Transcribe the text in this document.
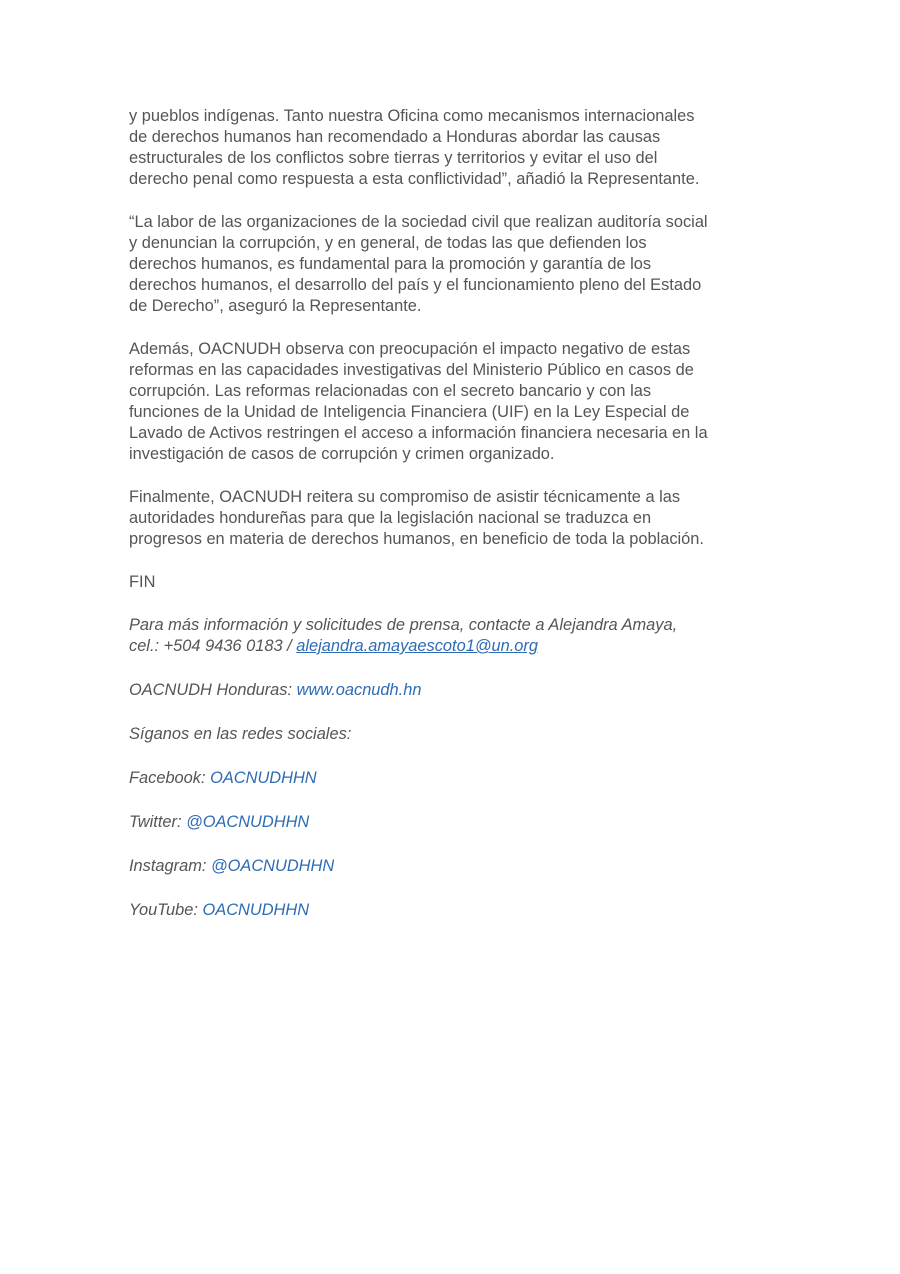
y pueblos indígenas. Tanto nuestra Oficina como mecanismos internacionales
de derechos humanos han recomendado a Honduras abordar las causas
estructurales de los conflictos sobre tierras y territorios y evitar el uso del
derecho penal como respuesta a esta conflictividad”, añadió la Representante.

“La labor de las organizaciones de la sociedad civil que realizan auditoría social
y denuncian la corrupción, y en general, de todas las que defienden los
derechos humanos, es fundamental para la promoción y garantía de los
derechos humanos, el desarrollo del país y el funcionamiento pleno del Estado
de Derecho”, aseguró la Representante.

Además, OACNUDH observa con preocupación el impacto negativo de estas
reformas en las capacidades investigativas del Ministerio Público en casos de
corrupción. Las reformas relacionadas con el secreto bancario y con las
funciones de la Unidad de Inteligencia Financiera (UIF) en la Ley Especial de
Lavado de Activos restringen el acceso a información financiera necesaria en la
investigación de casos de corrupción y crimen organizado.

Finalmente, OACNUDH reitera su compromiso de asistir técnicamente a las
autoridades hondureñas para que la legislación nacional se traduzca en
progresos en materia de derechos humanos, en beneficio de toda la población.

FIN

Para más información y solicitudes de prensa, contacte a Alejandra Amaya,
cel.: +504 9436 0183 / alejandra.amayaescoto1@un.org
OACNUDH Honduras: www.oacnudh.hn
Síganos en las redes sociales:
Facebook: OACNUDHHN
Twitter: @OACNUDHHN
Instagram: @OACNUDHHN
YouTube: OACNUDHHN
